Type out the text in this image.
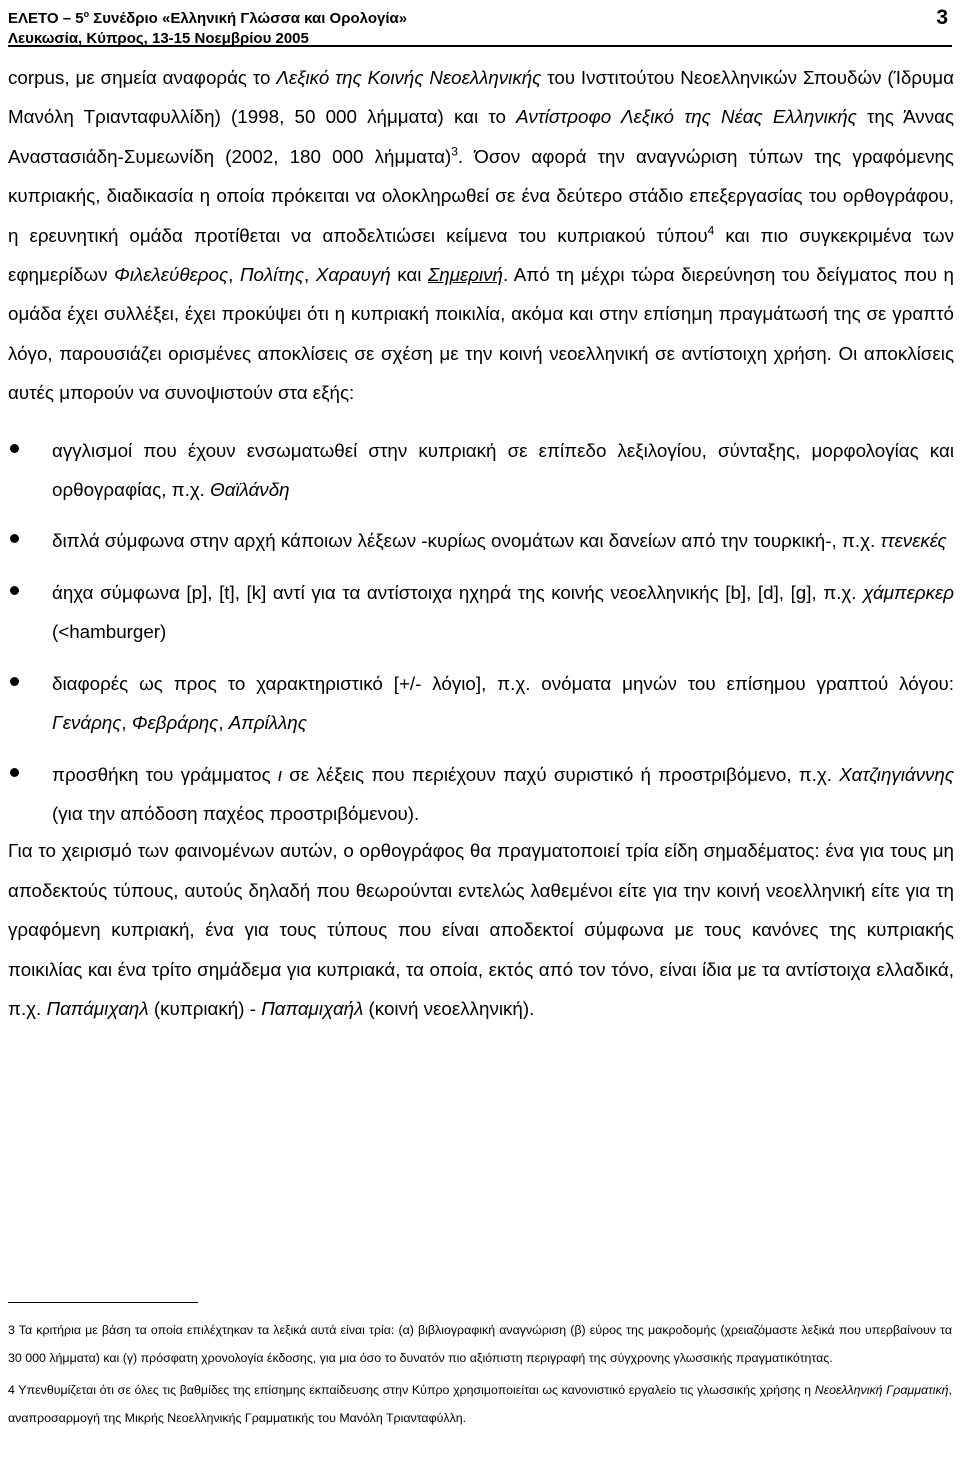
ΕΛΕΤΟ – $5^o$ Συνέδριο «Ελληνική Γλώσσα και Ορολογία»
Λευκωσία, Κύπρος, 13-15 Νοεμβρίου 2005
3

corpus, με σημεία αναφοράς το Λεξικό της Κοινής Νεοελληνικής του Ινστιτούτου Νεοελληνικών Σπουδών (Ίδρυμα Μανόλη Τριανταφυλλίδη) (1998, 50 000 λήμματα) και το Αντίστροφο Λεξικό της Νέας Ελληνικής της Άννας Αναστασιάδη-Συμεωνίδη (2002, 180 000 λήμματα)$^3$. Όσον αφορά την αναγνώριση τύπων της γραφόμενης κυπριακής, διαδικασία η οποία πρόκειται να ολοκληρωθεί σε ένα δεύτερο στάδιο επεξεργασίας του ορθογράφου, η ερευνητική ομάδα προτίθεται να αποδελτιώσει κείμενα του κυπριακού τύπου$^4$ και πιο συγκεκριμένα των εφημερίδων Φιλελεύθερος, Πολίτης, Χαραυγή και Σημερινή. Από τη μέχρι τώρα διερεύνηση του δείγματος που η ομάδα έχει συλλέξει, έχει προκύψει ότι η κυπριακή ποικιλία, ακόμα και στην επίσημη πραγμάτωσή της σε γραπτό λόγο, παρουσιάζει ορισμένες αποκλίσεις σε σχέση με την κοινή νεοελληνική σε αντίστοιχη χρήση. Οι αποκλίσεις αυτές μπορούν να συνοψιστούν στα εξής:

αγγλισμοί που έχουν ενσωματωθεί στην κυπριακή σε επίπεδο λεξιλογίου, σύνταξης, μορφολογίας και ορθογραφίας, π.χ. Θαϊλάνδη
διπλά σύμφωνα στην αρχή κάποιων λέξεων -κυρίως ονομάτων και δανείων από την τουρκική-, π.χ. ττενεκές
άηχα σύμφωνα [p], [t], [k] αντί για τα αντίστοιχα ηχηρά της κοινής νεοελληνικής [b], [d], [g], π.χ. χάμπερκερ (<hamburger)
διαφορές ως προς το χαρακτηριστικό [+/- λόγιο], π.χ. ονόματα μηνών του επίσημου γραπτού λόγου: Γενάρης, Φεβράρης, Απρίλλης
προσθήκη του γράμματος ι σε λέξεις που περιέχουν παχύ συριστικό ή προστριβόμενο, π.χ. Χατζιηγιάννης (για την απόδοση παχέος προστριβόμενου).

Για το χειρισμό των φαινομένων αυτών, ο ορθογράφος θα πραγματοποιεί τρία είδη σημαδέματος: ένα για τους μη αποδεκτούς τύπους, αυτούς δηλαδή που θεωρούνται εντελώς λαθεμένοι είτε για την κοινή νεοελληνική είτε για τη γραφόμενη κυπριακή, ένα για τους τύπους που είναι αποδεκτοί σύμφωνα με τους κανόνες της κυπριακής ποικιλίας και ένα τρίτο σημάδεμα για κυπριακά, τα οποία, εκτός από τον τόνο, είναι ίδια με τα αντίστοιχα ελλαδικά, π.χ. Παπάμιχαηλ (κυπριακή) - Παπαμιχαήλ (κοινή νεοελληνική).

3 Τα κριτήρια με βάση τα οποία επιλέχτηκαν τα λεξικά αυτά είναι τρία: (α) βιβλιογραφική αναγνώριση (β) εύρος της μακροδομής (χρειαζόμαστε λεξικά που υπερβαίνουν τα 30 000 λήμματα) και (γ) πρόσφατη χρονολογία έκδοσης, για μια όσο το δυνατόν πιο αξιόπιστη περιγραφή της σύγχρονης γλωσσικής πραγματικότητας.

4 Υπενθυμίζεται ότι σε όλες τις βαθμίδες της επίσημης εκπαίδευσης στην Κύπρο χρησιμοποιείται ως κανονιστικό εργαλείο τις γλωσσικής χρήσης η Νεοελληνική Γραμματική, αναπροσαρμογή της Μικρής Νεοελληνικής Γραμματικής του Μανόλη Τριανταφύλλη.
